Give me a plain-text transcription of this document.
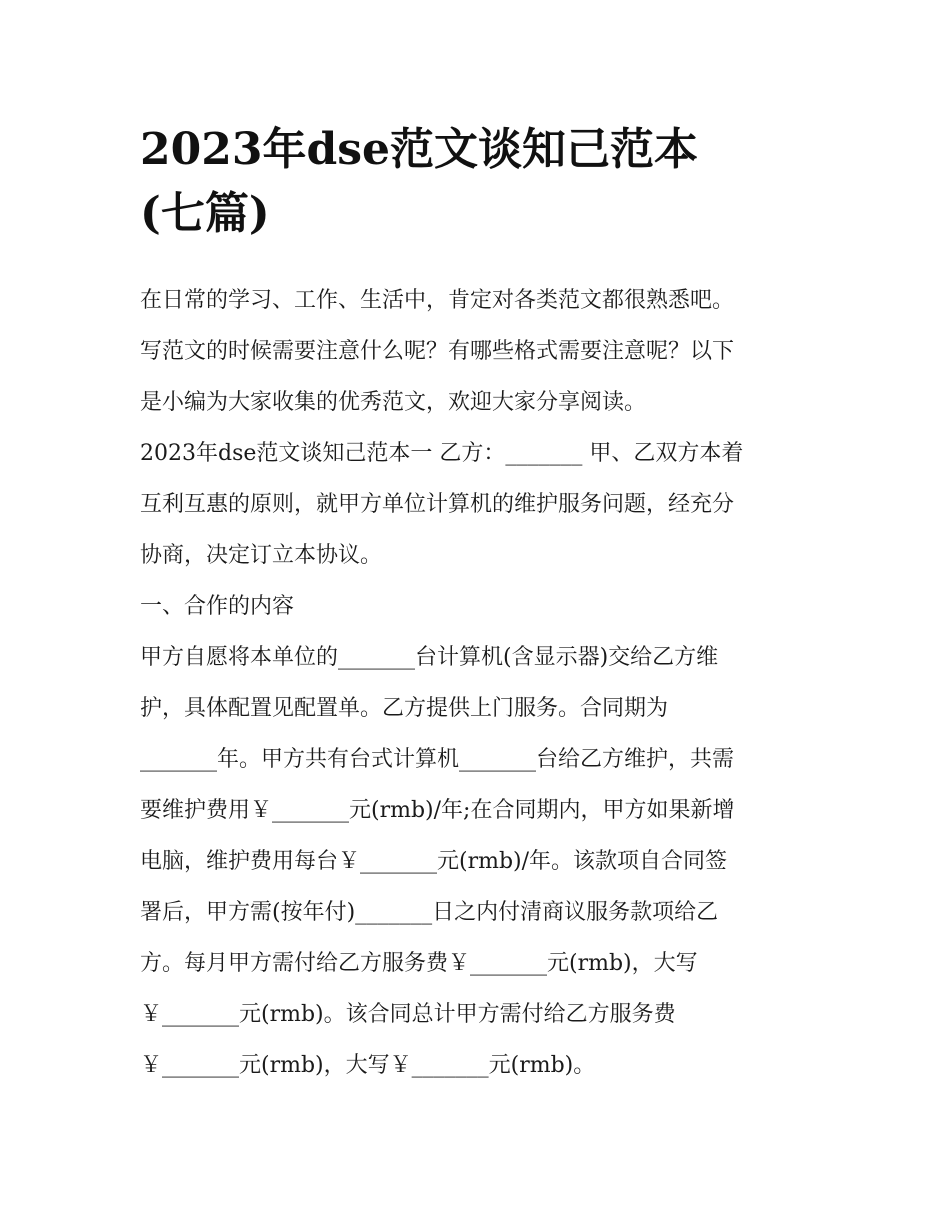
2023年dse范文谈知己范本
(七篇)
在日常的学习、工作、生活中，肯定对各类范文都很熟悉吧。
写范文的时候需要注意什么呢？有哪些格式需要注意呢？以下
是小编为大家收集的优秀范文，欢迎大家分享阅读。
2023年dse范文谈知己范本一 乙方：_______ 甲、乙双方本着
互利互惠的原则，就甲方单位计算机的维护服务问题，经充分
协商，决定订立本协议。
一、合作的内容
甲方自愿将本单位的_______台计算机(含显示器)交给乙方维
护，具体配置见配置单。乙方提供上门服务。合同期为
_______年。甲方共有台式计算机_______台给乙方维护，共需
要维护费用￥_______元(rmb)/年;在合同期内，甲方如果新增
电脑，维护费用每台￥_______元(rmb)/年。该款项自合同签
署后，甲方需(按年付)_______日之内付清商议服务款项给乙
方。每月甲方需付给乙方服务费￥_______元(rmb)，大写
￥_______元(rmb)。该合同总计甲方需付给乙方服务费
￥_______元(rmb)，大写￥_______元(rmb)。
